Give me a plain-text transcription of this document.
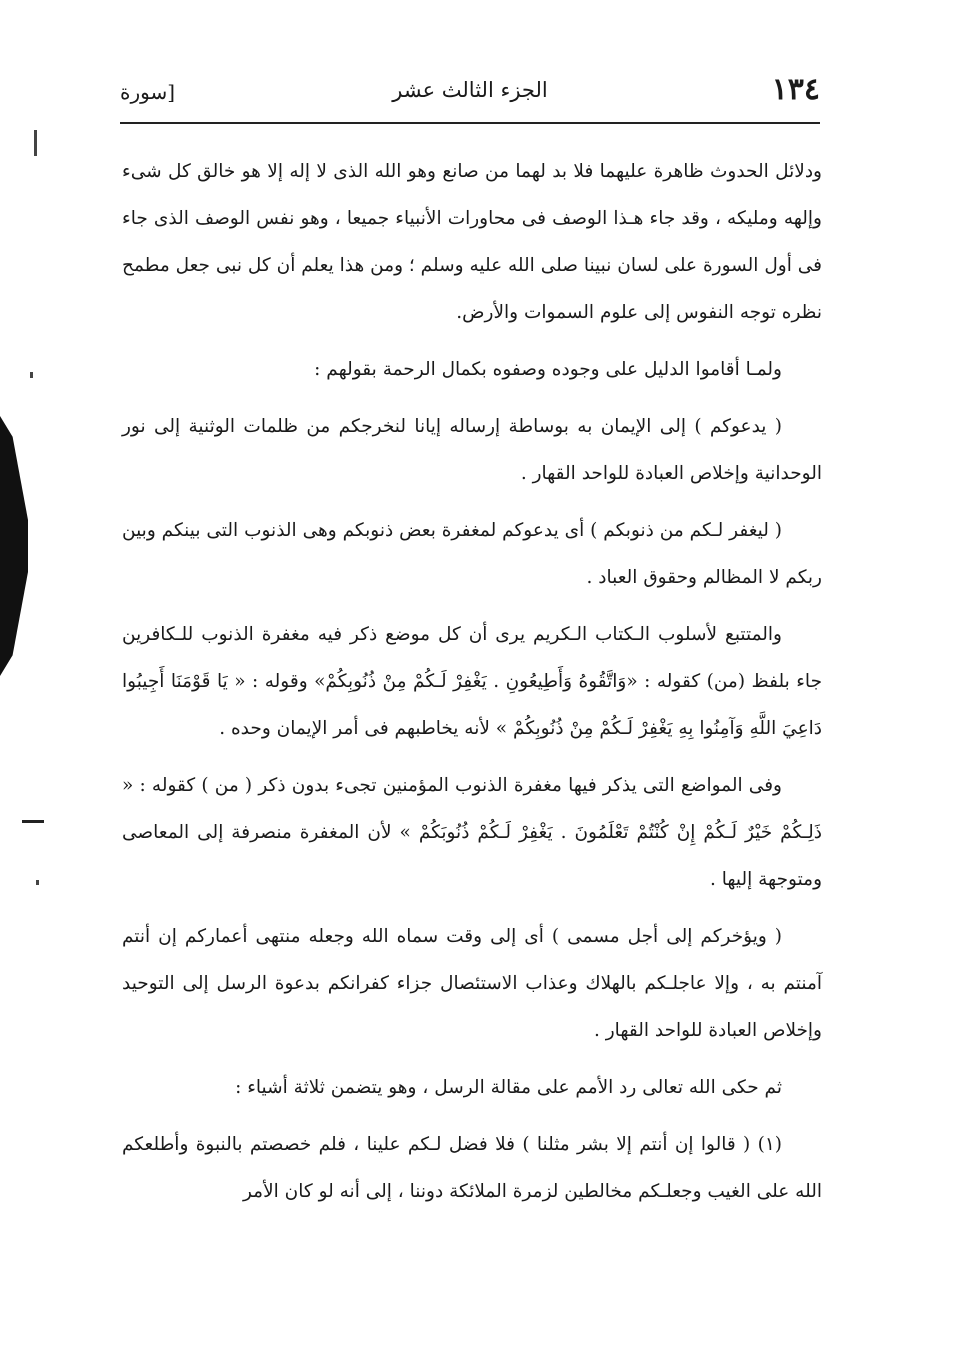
١٣٤
الجزء الثالث عشر
[سورة

ودلائل الحدوث ظاهرة عليهما فلا بد لهما من صانع وهو الله الذى لا إله إلا هو خالق كل شىء وإلهه ومليكه ، وقد جاء هـذا الوصف فى محاورات الأنبياء جميعا ، وهو نفس الوصف الذى جاء فى أول السورة على لسان نبينا صلى الله عليه وسلم ؛ ومن هذا يعلم أن كل نبى جعل مطمح نظره توجه النفوس إلى علوم السموات والأرض.

ولمـا أقاموا الدليل على وجوده وصفوه بكمال الرحمة بقولهم :

( يدعوكم ) إلى الإيمان به بوساطة إرساله إيانا لنخرجكم من ظلمات الوثنية إلى نور الوحدانية وإخلاص العبادة للواحد القهار .

( ليغفر لـكم من ذنوبكم ) أى يدعوكم لمغفرة بعض ذنوبكم وهى الذنوب التى بينكم وبين ربكم لا المظالم وحقوق العباد .

والمتتبع لأسلوب الـكتاب الـكريم يرى أن كل موضع ذكر فيه مغفرة الذنوب للـكافرين جاء بلفظ (من) كقوله : «وَاتَّقُوهُ وَأَطِيعُونِ . يَغْفِرْ لَـكُمْ مِنْ ذُنُوبِكُمْ» وقوله : « يَا قَوْمَنَا أَجِيبُوا دَاعِيَ اللَّهِ وَآمِنُوا بِهِ يَغْفِرْ لَـكُمْ مِنْ ذُنُوبِكُمْ » لأنه يخاطبهم فى أمر الإيمان وحده .

وفى المواضع التى يذكر فيها مغفرة الذنوب المؤمنين تجىء بدون ذكر ( من ) كقوله : « ذَلِـكُمْ خَيْرٌ لَـكُمْ إِنْ كُنْتُمْ تَعْلَمُونَ . يَغْفِرْ لَـكُمْ ذُنُوبَكُمْ » لأن المغفرة منصرفة إلى المعاصى ومتوجهة إليها .

( ويؤخركم إلى أجل مسمى ) أى إلى وقت سماه الله وجعله منتهى أعماركم إن أنتم آمنتم به ، وإلا عاجلـكم بالهلاك وعذاب الاستئصال جزاء كفرانكم بدعوة الرسل إلى التوحيد وإخلاص العبادة للواحد القهار .

ثم حكى الله تعالى رد الأمم على مقالة الرسل ، وهو يتضمن ثلاثة أشياء :

(١) ( قالوا إن أنتم إلا بشر مثلنا ) فلا فضل لـكم علينا ، فلم خصصتم بالنبوة وأطلعكم الله على الغيب وجعلـكم مخالطين لزمرة الملائكة دوننا ، إلى أنه لو كان الأمر
